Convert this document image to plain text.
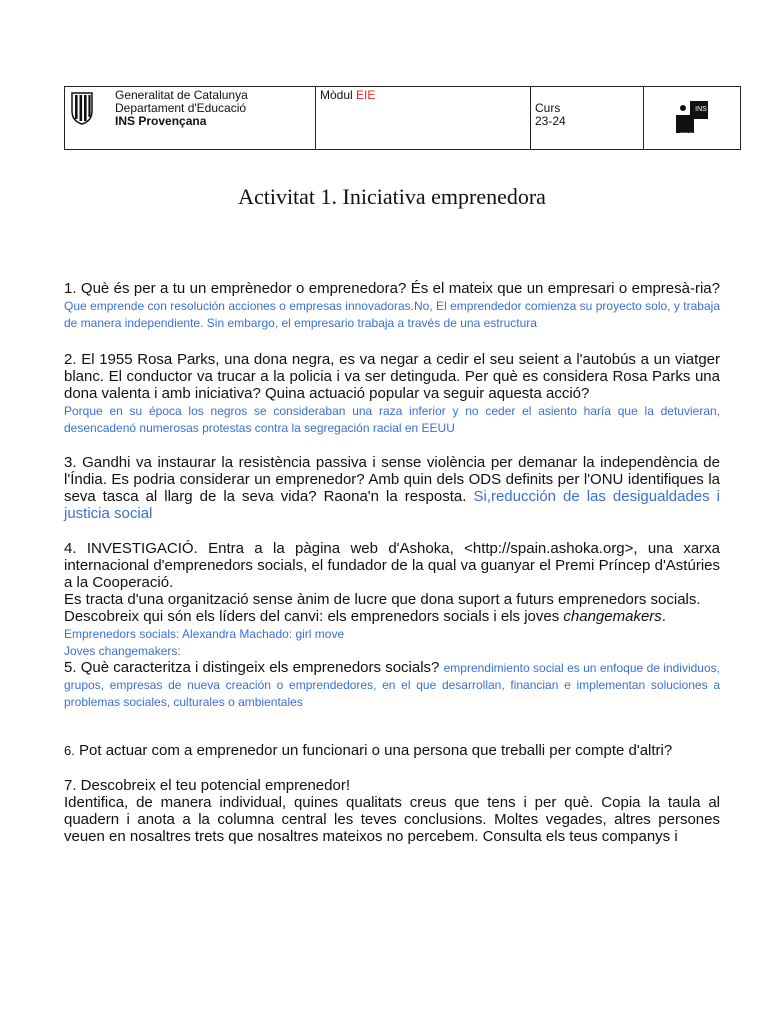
Generalitat de Catalunya
Departament d'Educació
INS Provençana
	Mòdul EIE	
Curs
23-24

INS
PROVENÇANA
Activitat 1. Iniciativa emprenedora

1. Què és per a tu un emprènedor o emprenedora? És el mateix que un empresari o empresà-ria? Que emprende con resolución acciones o empresas innovadoras.No, El emprendedor comienza su proyecto solo, y trabaja de manera independiente. Sin embargo, el empresario trabaja a través de una estructura

2. El 1955 Rosa Parks, una dona negra, es va negar a cedir el seu seient a l'autobús a un viatger blanc. El conductor va trucar a la policia i va ser detinguda. Per què es considera Rosa Parks una dona valenta i amb iniciativa? Quina actuació popular va seguir aquesta acció?
Porque en su época los negros se consideraban una raza inferior y no ceder el asiento haría que la detuvieran, desencadenó numerosas protestas contra la segregación racial en EEUU

3. Gandhi va instaurar la resistència passiva i sense violència per demanar la independència de l'Índia. Es podria considerar un emprenedor? Amb quin dels ODS definits per l'ONU identifiques la seva tasca al llarg de la seva vida? Raona'n la resposta. Si,reducción de las desigualdades i justicia social

4. INVESTIGACIÓ. Entra a la pàgina web d'Ashoka, <http://spain.ashoka.org>, una xarxa internacional d'emprenedors socials, el fundador de la qual va guanyar el Premi Príncep d'Astúries a la Cooperació.
Es tracta d'una organització sense ànim de lucre que dona suport a futurs emprenedors socials.
Descobreix qui són els líders del canvi: els emprenedors socials i els joves changemakers.
Emprenedors socials: Alexandra Machado: girl move
Joves changemakers:

5. Què caracteritza i distingeix els emprenedors socials? emprendimiento social es un enfoque de individuos, grupos, empresas de nueva creación o emprendedores, en el que desarrollan, financian e implementan soluciones a problemas sociales, culturales o ambientales

6. Pot actuar com a emprenedor un funcionari o una persona que treballi per compte d'altri?

7. Descobreix el teu potencial emprenedor!
Identifica, de manera individual, quines qualitats creus que tens i per què. Copia la taula al quadern i anota a la columna central les teves conclusions. Moltes vegades, altres persones veuen en nosaltres trets que nosaltres mateixos no percebem. Consulta els teus companys i
